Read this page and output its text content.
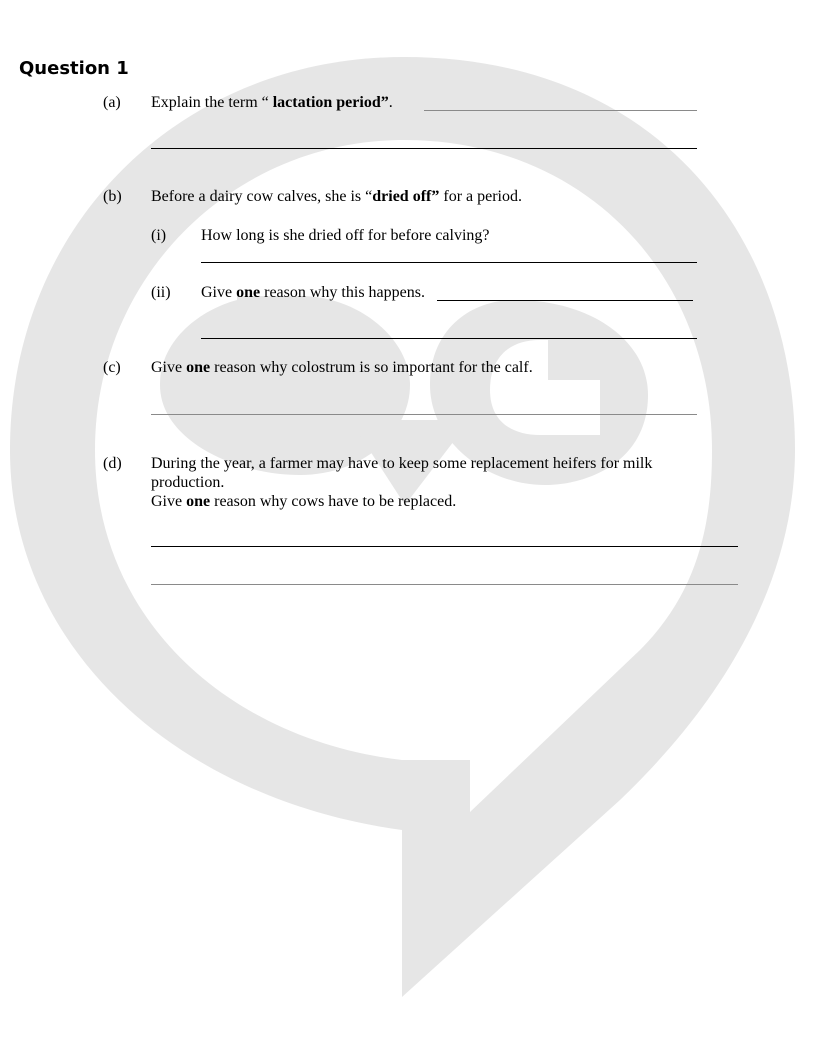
Question 1
(a) Explain the term “ lactation period”.
(b) Before a dairy cow calves, she is “dried off” for a period.
(i) How long is she dried off for before calving?
(ii) Give one reason why this happens.
(c) Give one reason why colostrum is so important for the calf.
(d) During the year, a farmer may have to keep some replacement heifers for milk
production.
Give one reason why cows have to be replaced.
